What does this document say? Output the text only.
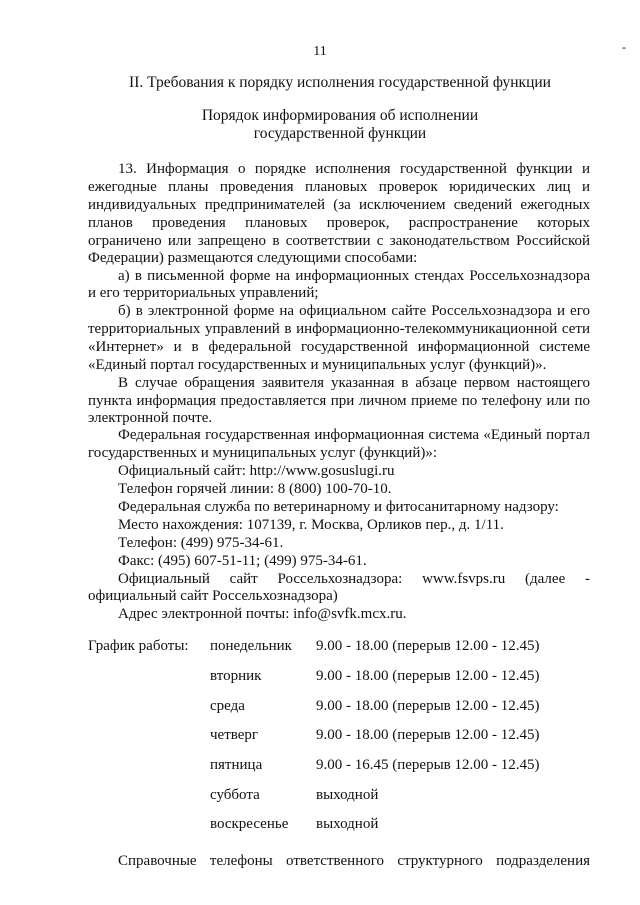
11	-
II. Требования к порядку исполнения государственной функции
Порядок информирования об исполнении
государственной функции
13. Информация о порядке исполнения государственной функции и
ежегодные планы проведения плановых проверок юридических лиц и
индивидуальных предпринимателей (за исключением сведений ежегодных
планов проведения плановых проверок, распространение которых
ограничено или запрещено в соответствии с законодательством Российской
Федерации) размещаются следующими способами:
а) в письменной форме на информационных стендах Россельхознадзора
и его территориальных управлений;
б) в электронной форме на официальном сайте Россельхознадзора и его
территориальных управлений в информационно-телекоммуникационной сети
«Интернет» и в федеральной государственной информационной системе
«Единый портал государственных и муниципальных услуг (функций)».
В случае обращения заявителя указанная в абзаце первом настоящего
пункта информация предоставляется при личном приеме по телефону или по
электронной почте.
Федеральная государственная информационная система «Единый портал
государственных и муниципальных услуг (функций)»:
Официальный сайт: http://www.gosuslugi.ru
Телефон горячей линии: 8 (800) 100-70-10.
Федеральная служба по ветеринарному и фитосанитарному надзору:
Место нахождения: 107139, г. Москва, Орликов пер., д. 1/11.
Телефон: (499) 975-34-61.
Факс: (495) 607-51-11; (499) 975-34-61.
Официальный сайт Россельхознадзора: www.fsvps.ru (далее -
официальный сайт Россельхознадзора)
Адрес электронной почты: info@svfk.mcx.ru.
График работы: понедельник 9.00 - 18.00 (перерыв 12.00 - 12.45)
вторник	9.00 - 18.00 (перерыв 12.00 - 12.45)
среда	9.00 - 18.00 (перерыв 12.00 - 12.45)
четверг	9.00 - 18.00 (перерыв 12.00 - 12.45)
пятница	9.00 - 16.45 (перерыв 12.00 - 12.45)
суббота	выходной
воскресенье выходной
Справочные телефоны ответственного структурного подразделения
